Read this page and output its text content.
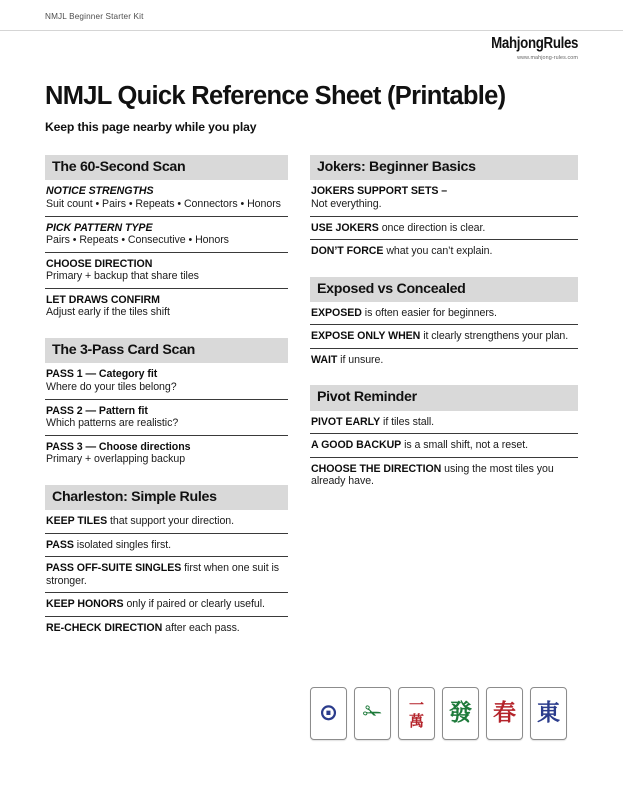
NMJL Beginner Starter Kit
MahjongRules
www.mahjong-rules.com
NMJL Quick Reference Sheet (Printable)
Keep this page nearby while you play
The 60-Second Scan
NOTICE STRENGTHS
Suit count • Pairs • Repeats • Connectors • Honors
PICK PATTERN TYPE
Pairs • Repeats • Consecutive • Honors
CHOOSE DIRECTION
Primary + backup that share tiles
LET DRAWS CONFIRM
Adjust early if the tiles shift
The 3-Pass Card Scan
PASS 1 — Category fit
Where do your tiles belong?
PASS 2 — Pattern fit
Which patterns are realistic?
PASS 3 — Choose directions
Primary + overlapping backup
Charleston: Simple Rules
KEEP TILES that support your direction.
PASS isolated singles first.
PASS OFF-SUITE SINGLES first when one suit is stronger.
KEEP HONORS only if paired or clearly useful.
RE-CHECK DIRECTION after each pass.
Jokers: Beginner Basics
JOKERS SUPPORT SETS –
Not everything.
USE JOKERS once direction is clear.
DON’T FORCE what you can’t explain.
Exposed vs Concealed
EXPOSED is often easier for beginners.
EXPOSE ONLY WHEN it clearly strengthens your plan.
WAIT if unsure.
Pivot Reminder
PIVOT EARLY if tiles stall.
A GOOD BACKUP is a small shift, not a reset.
CHOOSE THE DIRECTION using the most tiles you already have.
⊙ ✁ 一
萬 發 春 東
